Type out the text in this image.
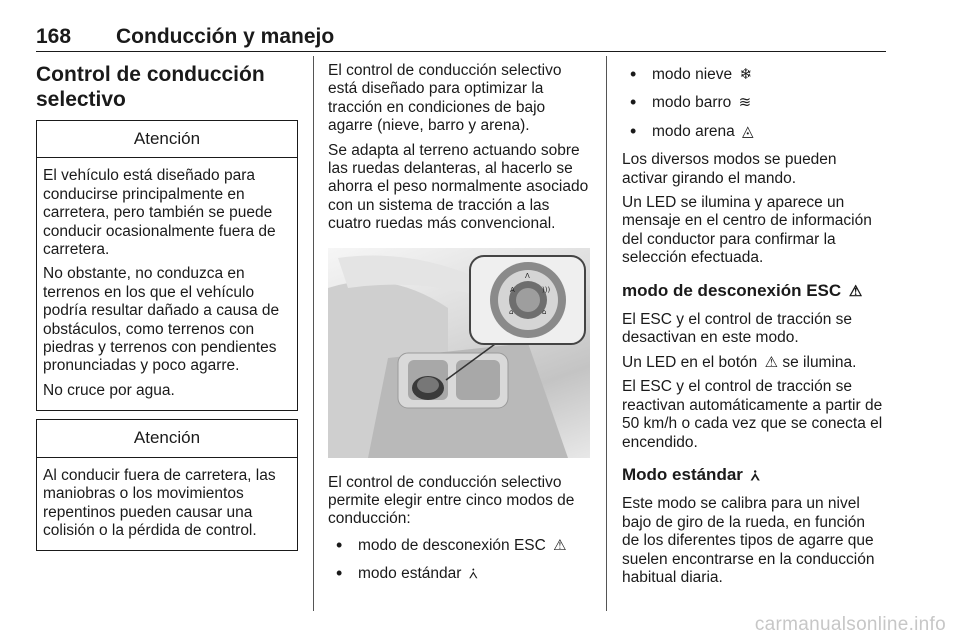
168 Conducción y manejo
Control de conducción selectivo
Atención

El vehículo está diseñado para conducirse principalmente en carretera, pero también se puede conducir ocasionalmente fuera de carretera.

No obstante, no conduzca en terrenos en los que el vehículo podría resultar dañado a causa de obstáculos, como terrenos con piedras y terrenos con pendientes pronunciadas y poco agarre.

No cruce por agua.

Atención

Al conducir fuera de carretera, las maniobras o los movimientos repentinos pueden causar una colisión o la pérdida de control.

El control de conducción selectivo está diseñado para optimizar la tracción en condiciones de bajo agarre (nieve, barro y arena).

Se adapta al terreno actuando sobre las ruedas delanteras, al hacerlo se ahorra el peso normalmente asociado con un sistema de tracción a las cuatro ruedas más convencional.

A	)))
⌂	⌂
Λ

El control de conducción selectivo permite elegir entre cinco modos de conducción:

• modo de desconexión ESC ⚠
• modo estándar ⩑
• modo nieve ❄
• modo barro ≋
• modo arena ◬

Los diversos modos se pueden activar girando el mando.

Un LED se ilumina y aparece un mensaje en el centro de información del conductor para confirmar la selección efectuada.

modo de desconexión ESC ⚠

El ESC y el control de tracción se desactivan en este modo.

Un LED en el botón ⚠ se ilumina.

El ESC y el control de tracción se reactivan automáticamente a partir de 50 km/h o cada vez que se conecta el encendido.

Modo estándar ⩑

Este modo se calibra para un nivel bajo de giro de la rueda, en función de los diferentes tipos de agarre que suelen encontrarse en la conducción habitual diaria.

carmanualsonline.info
